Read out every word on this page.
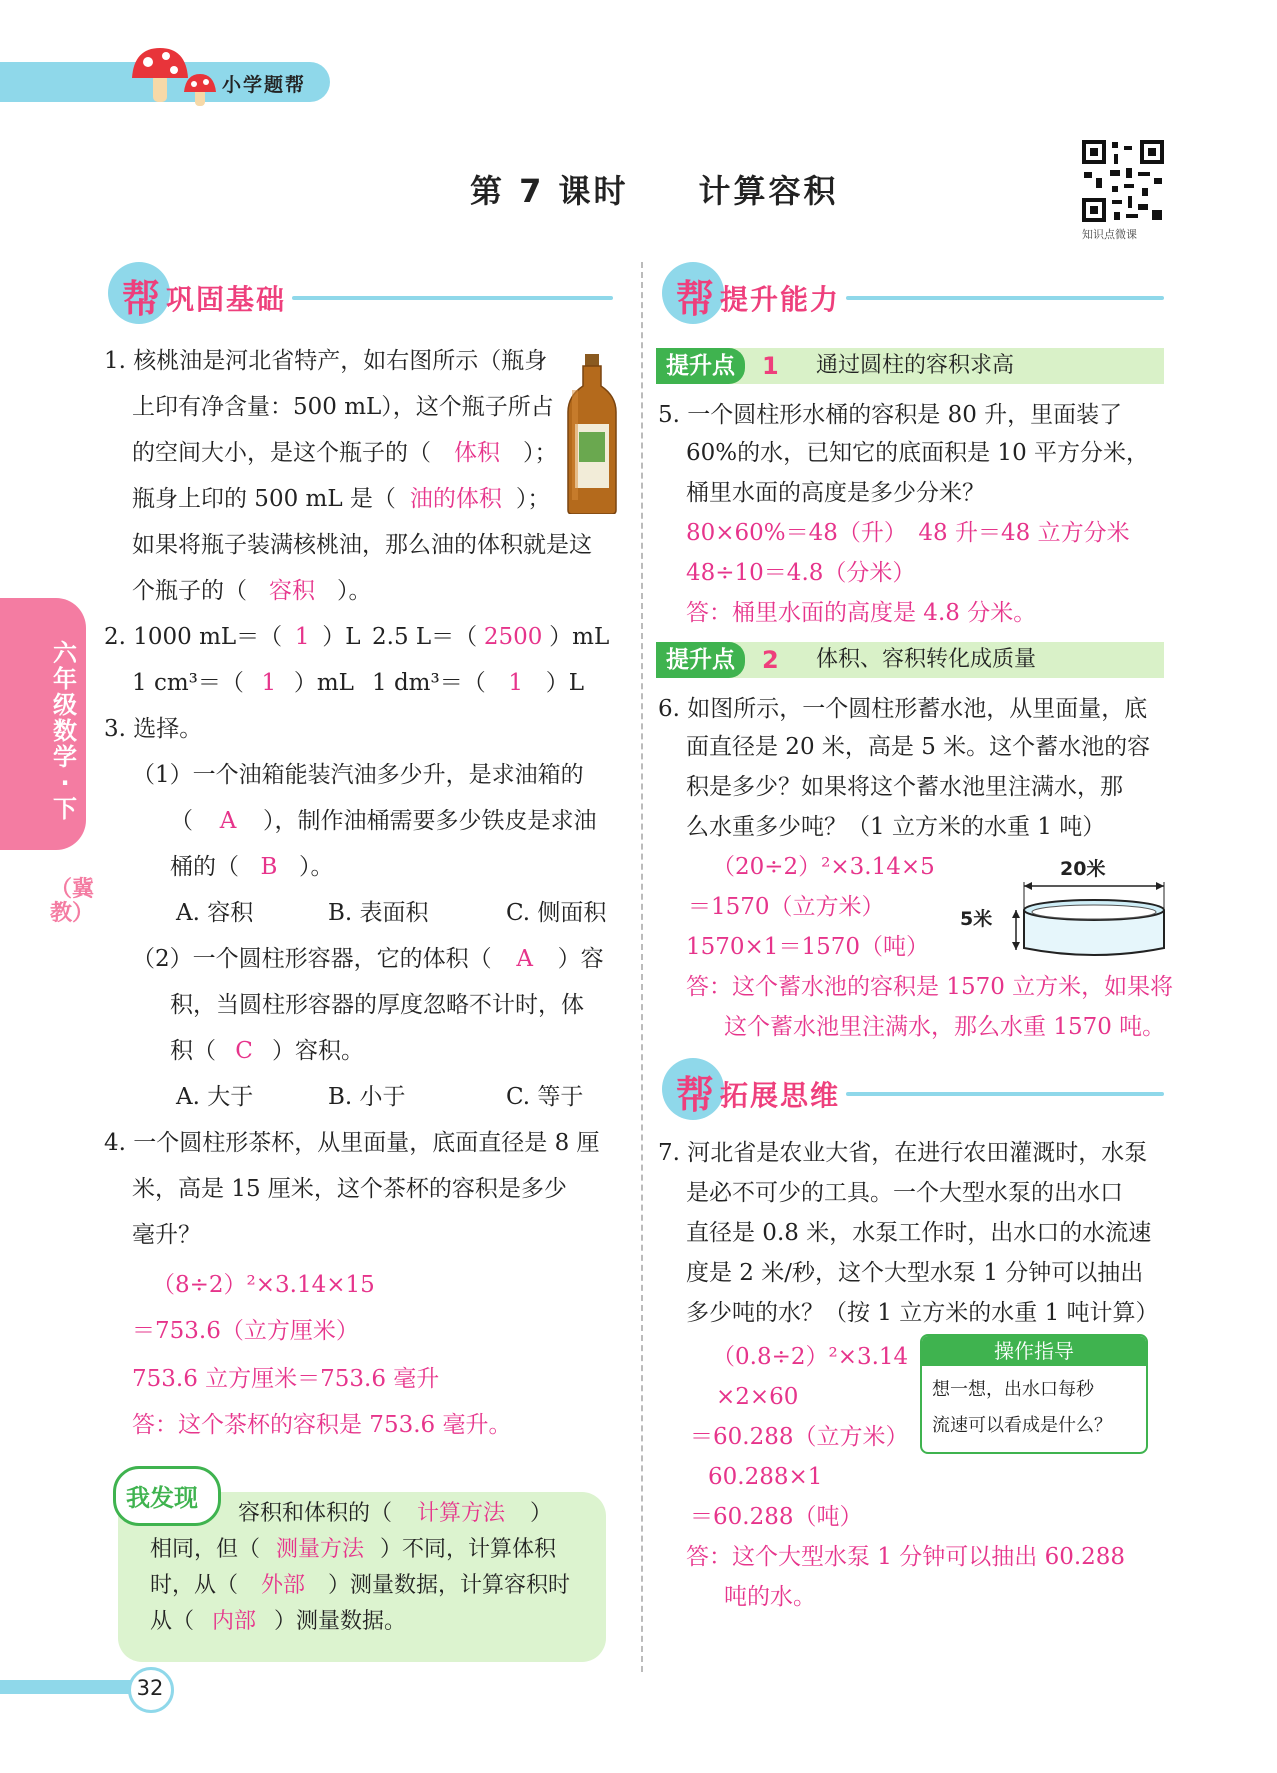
小学题帮
第 7 课时　　计算容积
知识点微课
六年级数学·下
（冀教）
帮 巩固基础
1. 核桃油是河北省特产，如右图所示（瓶身
上印有净含量：500 mL），这个瓶子所占
的空间大小，是这个瓶子的（ 体积 ）；
瓶身上印的 500 mL 是（ 油的体积 ）；
如果将瓶子装满核桃油，那么油的体积就是这
个瓶子的（ 容积 ）。
2. 1000 mL＝（ 1 ）L 2.5 L＝（ 2500 ）mL
1 cm³＝（ 1 ）mL 1 dm³＝（ 1 ）L
3. 选择。
（1）一个油箱能装汽油多少升，是求油箱的
（ A ），制作油桶需要多少铁皮是求油
桶的（ B ）。
A. 容积	B. 表面积	C. 侧面积
（2）一个圆柱形容器，它的体积（ A ）容
积，当圆柱形容器的厚度忽略不计时，体
积（ C ）容积。
A. 大于	B. 小于	C. 等于
4. 一个圆柱形茶杯，从里面量，底面直径是 8 厘
米，高是 15 厘米，这个茶杯的容积是多少
毫升？
（8÷2）²×3.14×15
＝753.6（立方厘米）
753.6 立方厘米＝753.6 毫升
答：这个茶杯的容积是 753.6 毫升。
我发现
容积和体积的（ 计算方法 ）
相同，但（ 测量方法 ）不同，计算体积
时，从（ 外部 ）测量数据，计算容积时
从（ 内部 ）测量数据。
帮 提升能力
提升点	1 通过圆柱的容积求高
5. 一个圆柱形水桶的容积是 80 升，里面装了
60%的水，已知它的底面积是 10 平方分米，
桶里水面的高度是多少分米？
80×60%＝48（升）　48 升＝48 立方分米
48÷10＝4.8（分米）
答：桶里水面的高度是 4.8 分米。
提升点	2 体积、容积转化成质量
6. 如图所示，一个圆柱形蓄水池，从里面量，底
面直径是 20 米，高是 5 米。这个蓄水池的容
积是多少？如果将这个蓄水池里注满水，那
么水重多少吨？（1 立方米的水重 1 吨）
（20÷2）²×3.14×5
＝1570（立方米）
1570×1＝1570（吨）
答：这个蓄水池的容积是 1570 立方米，如果将
这个蓄水池里注满水，那么水重 1570 吨。
20米
5米
帮 拓展思维
7. 河北省是农业大省，在进行农田灌溉时，水泵
是必不可少的工具。一个大型水泵的出水口
直径是 0.8 米，水泵工作时，出水口的水流速
度是 2 米/秒，这个大型水泵 1 分钟可以抽出
多少吨的水？（按 1 立方米的水重 1 吨计算）
（0.8÷2）²×3.14
×2×60
＝60.288（立方米）
60.288×1
＝60.288（吨）
答：这个大型水泵 1 分钟可以抽出 60.288
吨的水。
操作指导
想一想，出水口每秒
流速可以看成是什么？
32
